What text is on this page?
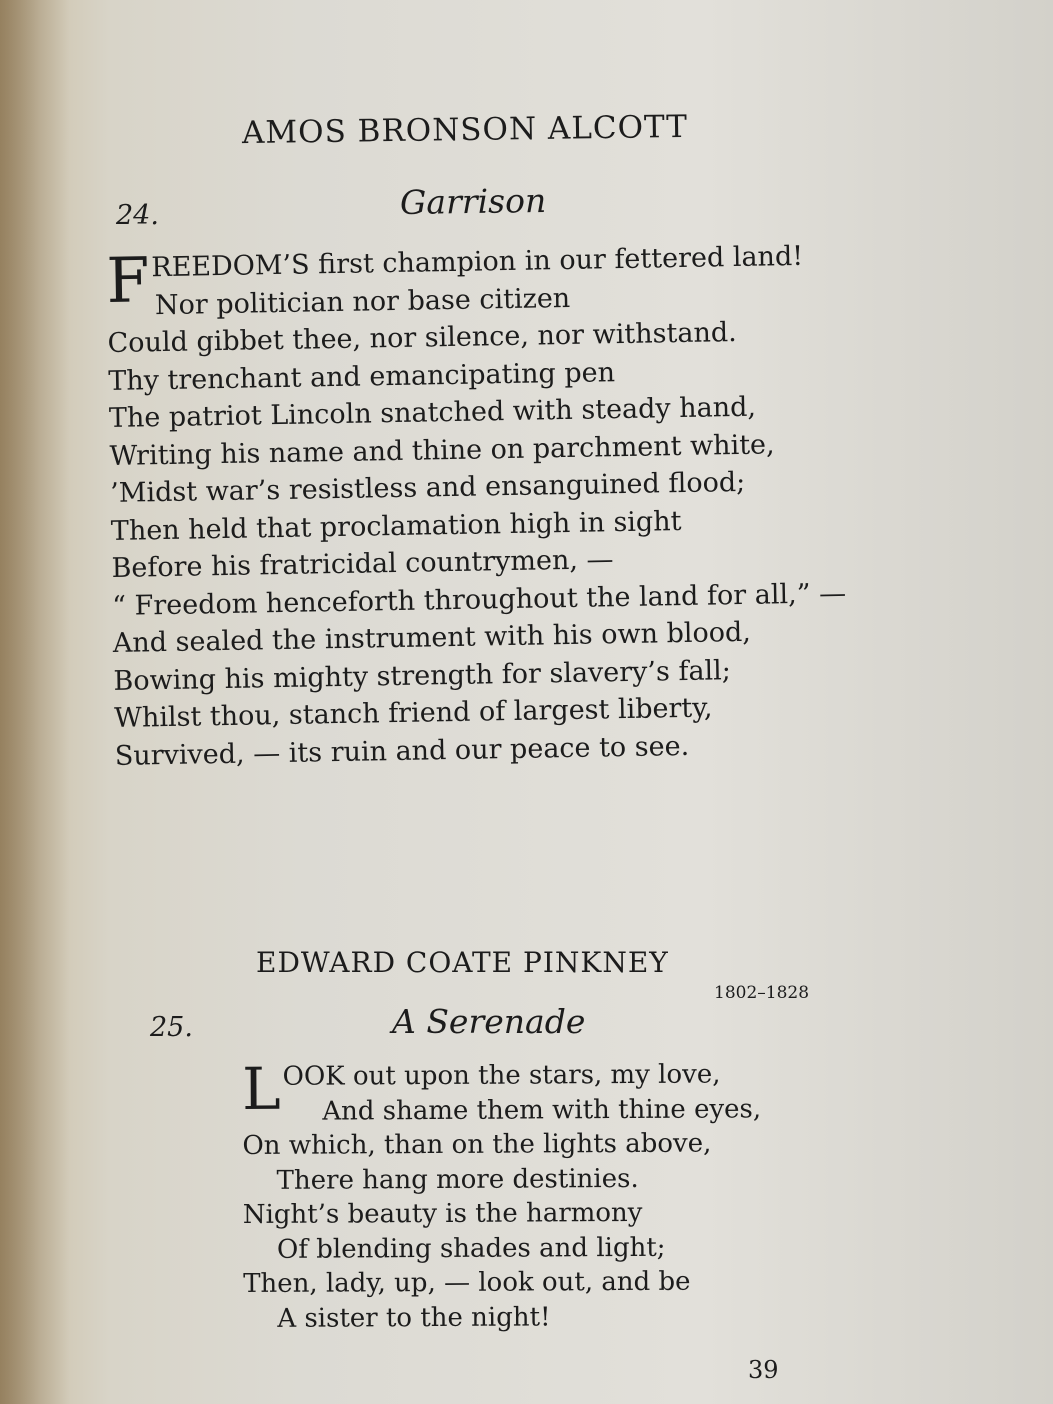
AMOS BRONSON ALCOTT
24.	Garrison
FREEDOM’S first champion in our fettered land!
Nor politician nor base citizen
Could gibbet thee, nor silence, nor withstand.
Thy trenchant and emancipating pen
The patriot Lincoln snatched with steady hand,
Writing his name and thine on parchment white,
’Midst war’s resistless and ensanguined flood;
Then held that proclamation high in sight
Before his fratricidal countrymen, —
“ Freedom henceforth throughout the land for all,” —
And sealed the instrument with his own blood,
Bowing his mighty strength for slavery’s fall;
Whilst thou, stanch friend of largest liberty,
Survived, — its ruin and our peace to see.
EDWARD COATE PINKNEY
1802–1828
25.	A Serenade
LOOK out upon the stars, my love,
And shame them with thine eyes,
On which, than on the lights above,
There hang more destinies.
Night’s beauty is the harmony
Of blending shades and light;
Then, lady, up, — look out, and be
A sister to the night!
39
